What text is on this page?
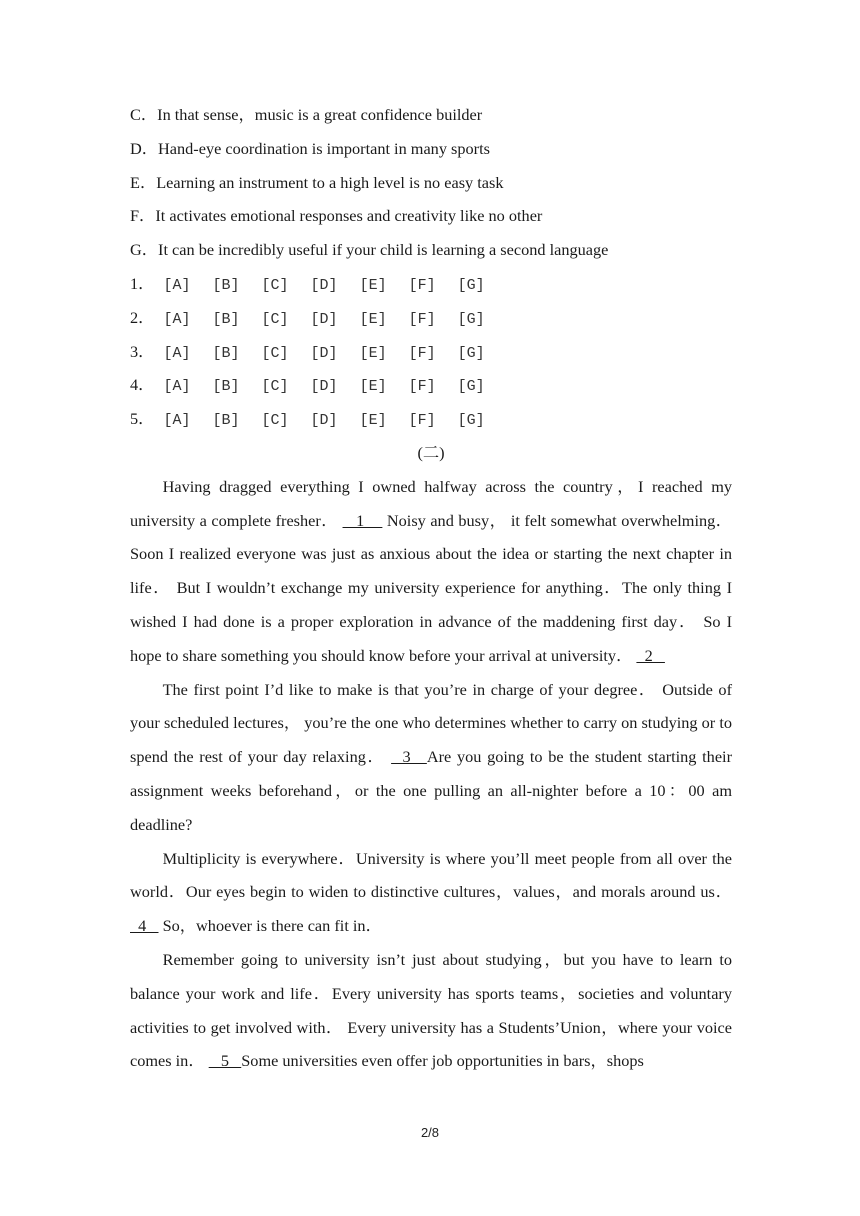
C．In that sense，music is a great confidence builder
D．Hand-eye coordination is important in many sports
E．Learning an instrument to a high level is no easy task
F．It activates emotional responses and creativity like no other
G．It can be incredibly useful if your child is learning a second language
1． [A] [B] [C] [D] [E] [F] [G]
2． [A] [B] [C] [D] [E] [F] [G]
3． [A] [B] [C] [D] [E] [F] [G]
4． [A] [B] [C] [D] [E] [F] [G]
5． [A] [B] [C] [D] [E] [F] [G]
(二)

Having dragged everything I owned halfway across the country，I reached my university a complete fresher．    1     Noisy and busy， it felt somewhat overwhelming．Soon I realized everyone was just as anxious about the idea or starting the next chapter in life． But I wouldn’t exchange my university experience for anything．The only thing I wished I had done is a proper exploration in advance of the maddening first day． So I hope to share something you should know before your arrival at university．   2

The first point I’d like to make is that you’re in charge of your degree． Outside of your scheduled lectures， you’re the one who determines whether to carry on studying or to spend the rest of your day relaxing．   3   Are you going to be the student starting their assignment weeks beforehand，or the one pulling an all-nighter before a 10：00 am deadline?

Multiplicity is everywhere．University is where you’ll meet people from all over the world．Our eyes begin to widen to distinctive cultures，values，and morals around us．   4    So，whoever is there can fit in．

Remember going to university isn’t just about studying，but you have to learn to balance your work and life．Every university has sports teams，societies and voluntary activities to get involved with． Every university has a Students’Union，where your voice comes in．    5   Some universities even offer job opportunities in bars，shops

2/8
